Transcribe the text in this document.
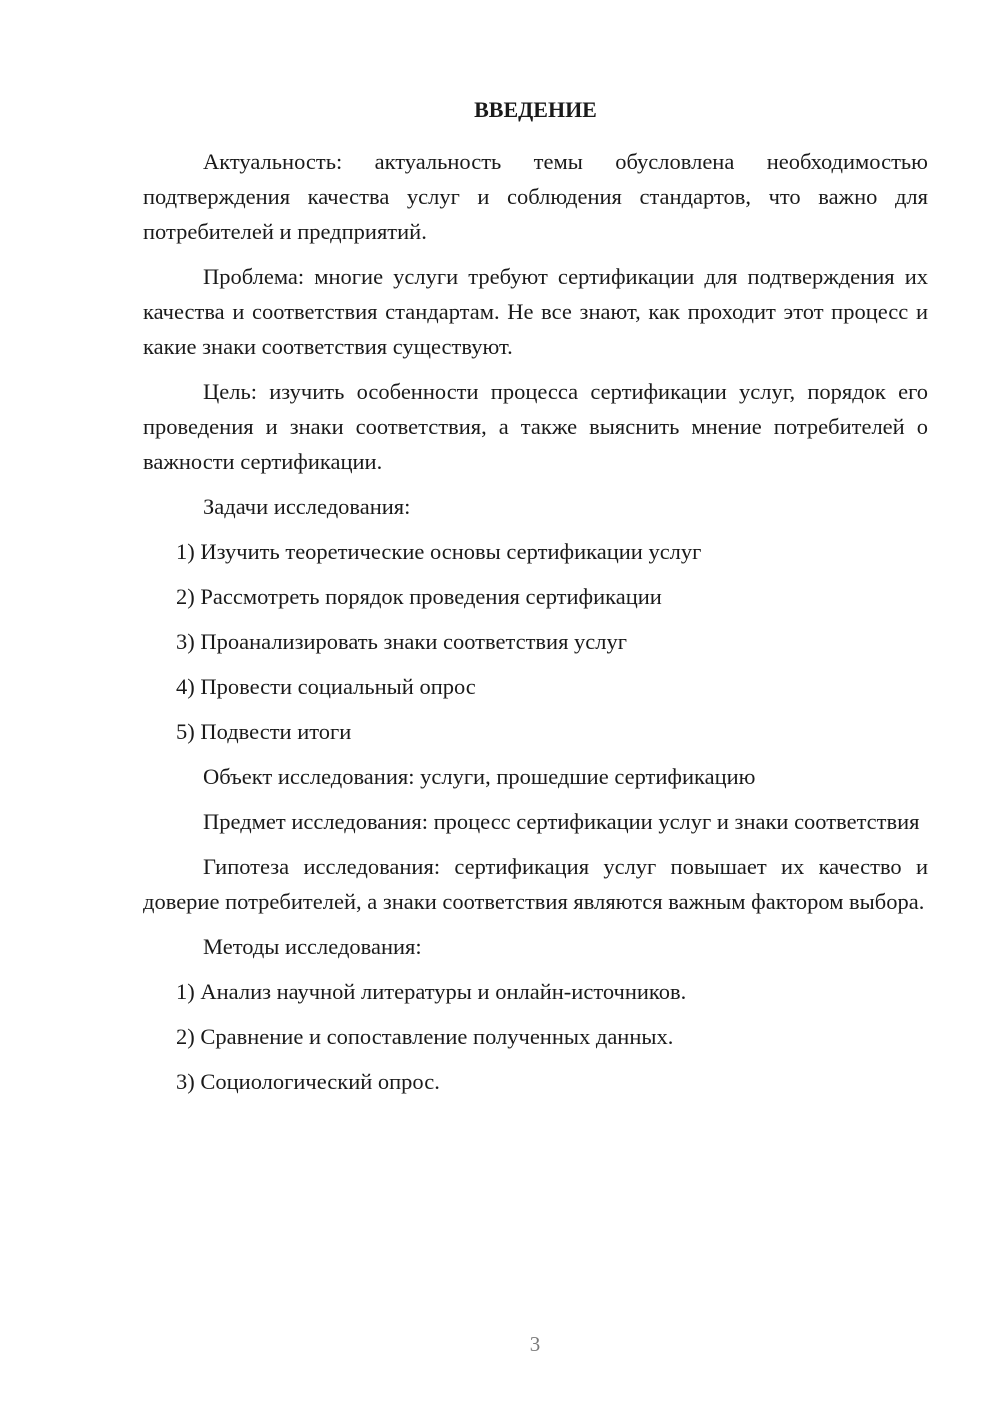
ВВЕДЕНИЕ

Актуальность: актуальность темы обусловлена необходимостью подтверждения качества услуг и соблюдения стандартов, что важно для потребителей и предприятий.

Проблема: многие услуги требуют сертификации для подтверждения их качества и соответствия стандартам. Не все знают, как проходит этот процесс и какие знаки соответствия существуют.

Цель: изучить особенности процесса сертификации услуг, порядок его проведения и знаки соответствия, а также выяснить мнение потребителей о важности сертификации.

Задачи исследования:

1) Изучить теоретические основы сертификации услуг
2) Рассмотреть порядок проведения сертификации
3) Проанализировать знаки соответствия услуг
4) Провести социальный опрос
5) Подвести итоги

Объект исследования: услуги, прошедшие сертификацию

Предмет исследования: процесс сертификации услуг и знаки соответствия

Гипотеза исследования: сертификация услуг повышает их качество и доверие потребителей, а знаки соответствия являются важным фактором выбора.

Методы исследования:

1) Анализ научной литературы и онлайн-источников.
2) Сравнение и сопоставление полученных данных.
3) Социологический опрос.
3
